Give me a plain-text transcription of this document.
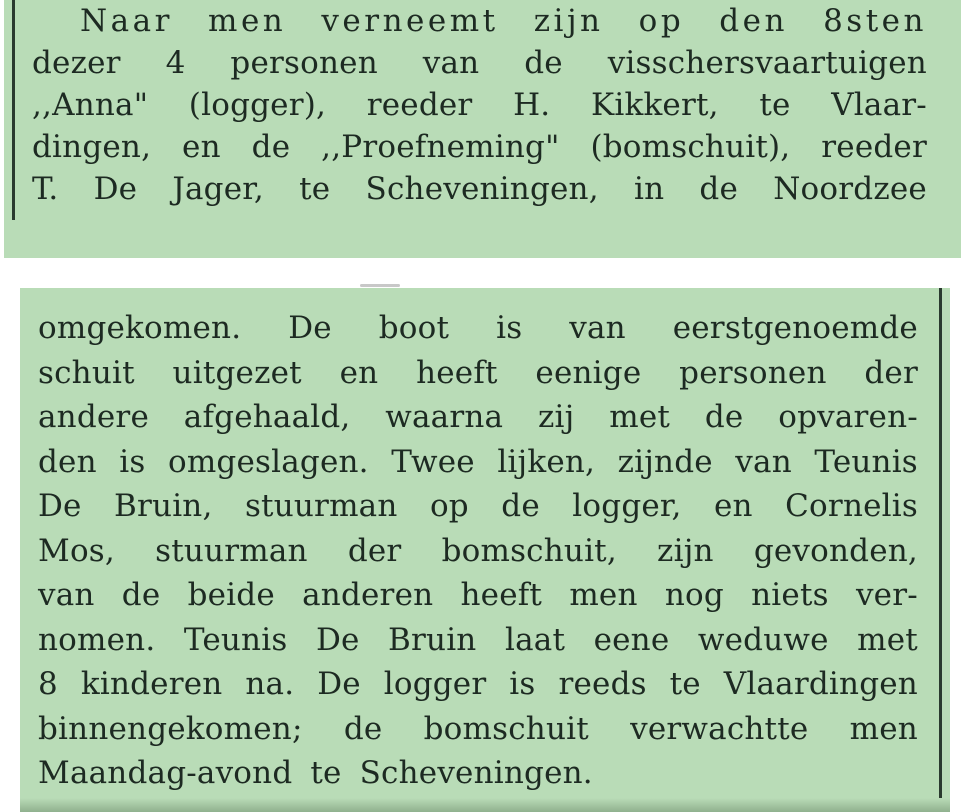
Naar men verneemt zijn op den 8sten
dezer 4 personen van de visschersvaartuigen
,,Anna" (logger), reeder H. Kikkert, te Vlaar-
dingen, en de ,,Proefneming" (bomschuit), reeder
T. De Jager, te Scheveningen, in de Noordzee
omgekomen. De boot is van eerstgenoemde
schuit uitgezet en heeft eenige personen der
andere afgehaald, waarna zij met de opvaren-
den is omgeslagen. Twee lijken, zijnde van Teunis
De Bruin, stuurman op de logger, en Cornelis
Mos, stuurman der bomschuit, zijn gevonden,
van de beide anderen heeft men nog niets ver-
nomen. Teunis De Bruin laat eene weduwe met
8 kinderen na. De logger is reeds te Vlaardingen
binnengekomen; de bomschuit verwachtte men
Maandag-avond te Scheveningen.
